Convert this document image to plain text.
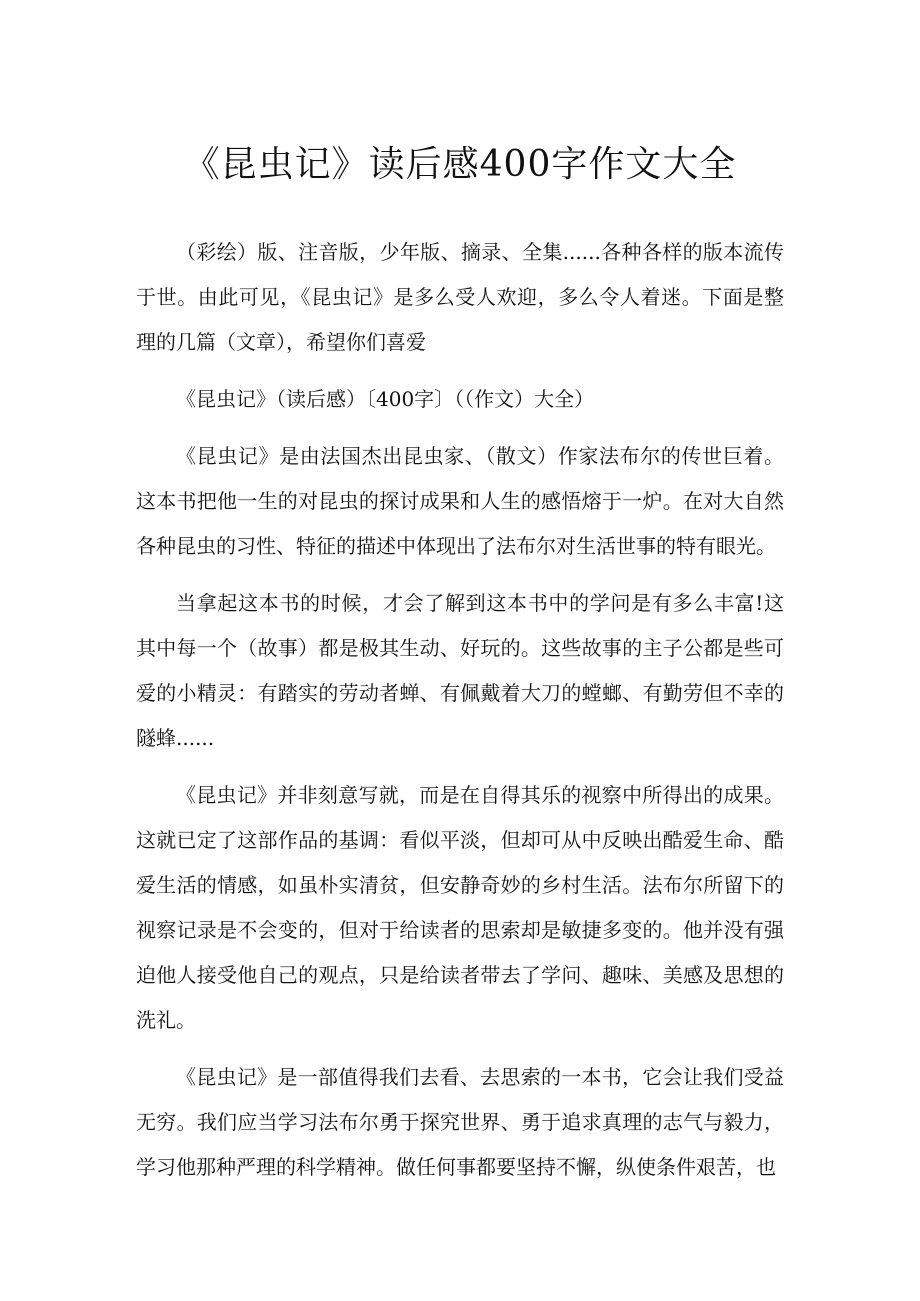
《昆虫记》读后感400字作文大全

（彩绘）版、注音版，少年版、摘录、全集......各种各样的版本流传于世。由此可见，《昆虫记》是多么受人欢迎，多么令人着迷。下面是整理的几篇（文章），希望你们喜爱

《昆虫记》（读后感）〔400字〕（（作文）大全）

《昆虫记》是由法国杰出昆虫家、（散文）作家法布尔的传世巨着。这本书把他一生的对昆虫的探讨成果和人生的感悟熔于一炉。在对大自然各种昆虫的习性、特征的描述中体现出了法布尔对生活世事的特有眼光。

当拿起这本书的时候，才会了解到这本书中的学问是有多么丰富!这其中每一个（故事）都是极其生动、好玩的。这些故事的主子公都是些可爱的小精灵：有踏实的劳动者蝉、有佩戴着大刀的螳螂、有勤劳但不幸的隧蜂......

《昆虫记》并非刻意写就，而是在自得其乐的视察中所得出的成果。这就已定了这部作品的基调：看似平淡，但却可从中反映出酷爱生命、酷爱生活的情感，如虽朴实清贫，但安静奇妙的乡村生活。法布尔所留下的视察记录是不会变的，但对于给读者的思索却是敏捷多变的。他并没有强迫他人接受他自己的观点，只是给读者带去了学问、趣味、美感及思想的洗礼。

《昆虫记》是一部值得我们去看、去思索的一本书，它会让我们受益无穷。我们应当学习法布尔勇于探究世界、勇于追求真理的志气与毅力，学习他那种严理的科学精神。做任何事都要坚持不懈，纵使条件艰苦，也
